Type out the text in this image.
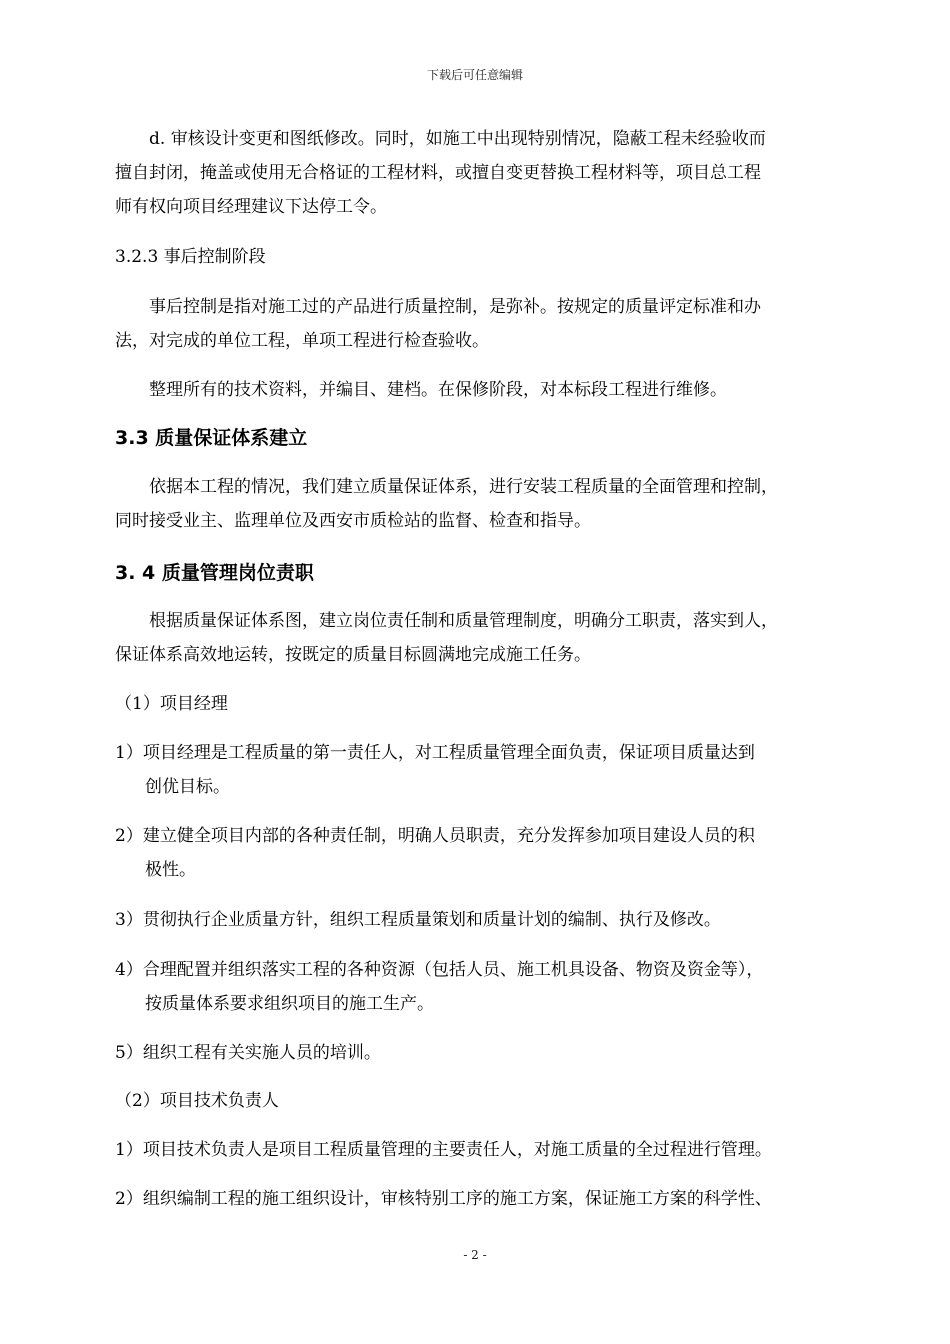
下载后可任意编辑
d. 审核设计变更和图纸修改。同时，如施工中出现特别情况，隐蔽工程未经验收而
擅自封闭，掩盖或使用无合格证的工程材料，或擅自变更替换工程材料等，项目总工程
师有权向项目经理建议下达停工令。
3.2.3 事后控制阶段
事后控制是指对施工过的产品进行质量控制，是弥补。按规定的质量评定标准和办
法，对完成的单位工程，单项工程进行检查验收。
整理所有的技术资料，并编目、建档。在保修阶段，对本标段工程进行维修。
3.3 质量保证体系建立
依据本工程的情况，我们建立质量保证体系，进行安装工程质量的全面管理和控制，
同时接受业主、监理单位及西安市质检站的监督、检查和指导。
3. 4 质量管理岗位责职
根据质量保证体系图，建立岗位责任制和质量管理制度，明确分工职责，落实到人，
保证体系高效地运转，按既定的质量目标圆满地完成施工任务。
（1）项目经理
1）项目经理是工程质量的第一责任人，对工程质量管理全面负责，保证项目质量达到
创优目标。
2）建立健全项目内部的各种责任制，明确人员职责，充分发挥参加项目建设人员的积
极性。
3）贯彻执行企业质量方针，组织工程质量策划和质量计划的编制、执行及修改。
4）合理配置并组织落实工程的各种资源（包括人员、施工机具设备、物资及资金等），
按质量体系要求组织项目的施工生产。
5）组织工程有关实施人员的培训。
（2）项目技术负责人
1）项目技术负责人是项目工程质量管理的主要责任人，对施工质量的全过程进行管理。
2）组织编制工程的施工组织设计，审核特别工序的施工方案，保证施工方案的科学性、
- 2 -
